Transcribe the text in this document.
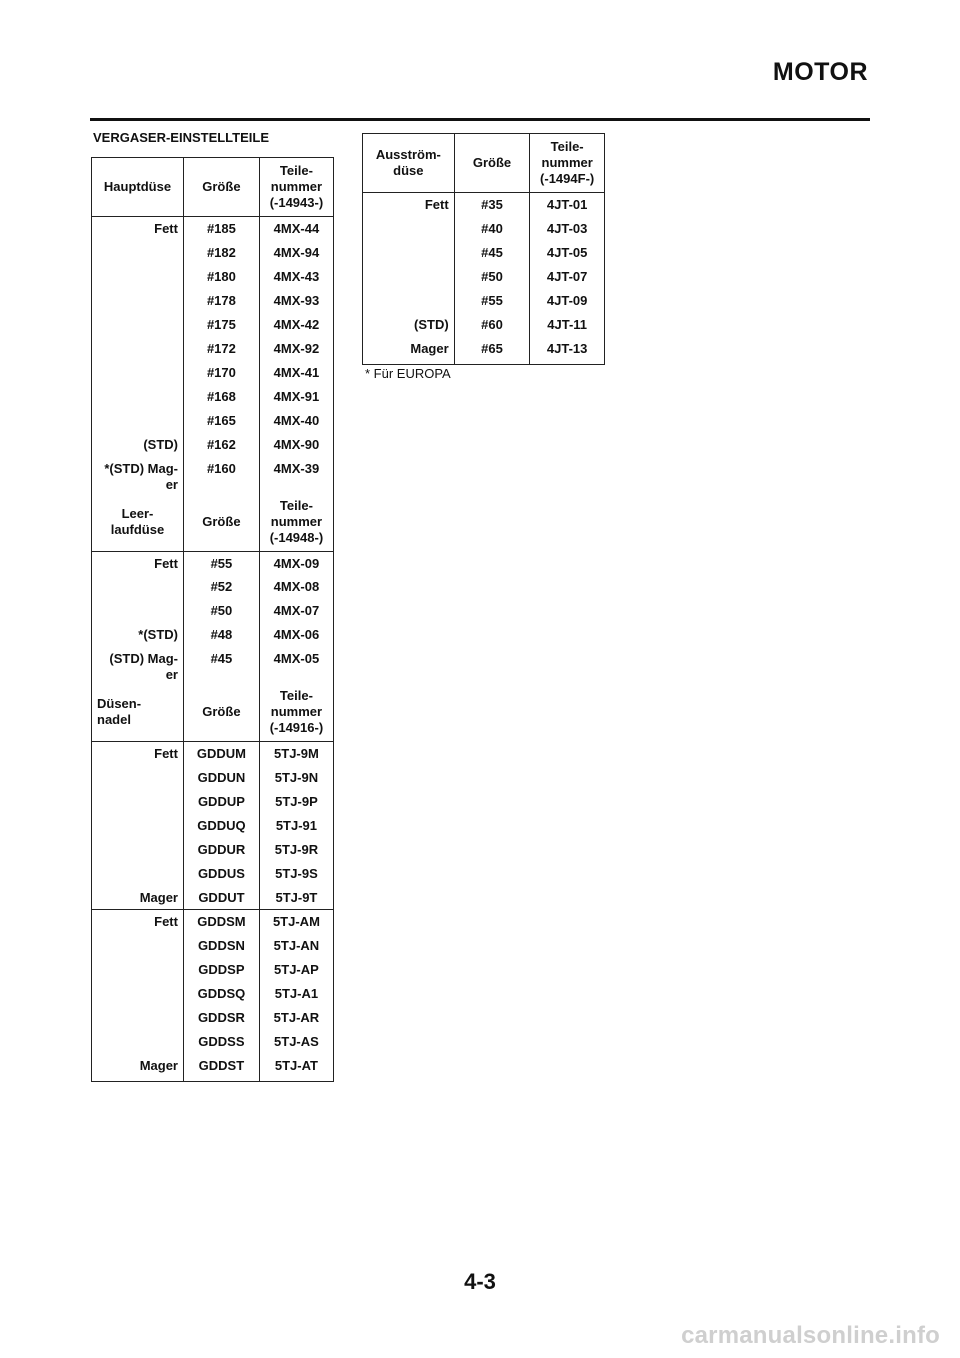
MOTOR
VERGASER-EINSTELLTEILE
Hauptdüse	Größe	Teile-
nummer
(-14943-)
Fett	#185	4MX-44
	#182	4MX-94
	#180	4MX-43
	#178	4MX-93
	#175	4MX-42
	#172	4MX-92
	#170	4MX-41
	#168	4MX-91
	#165	4MX-40
(STD)	#162	4MX-90
*(STD) Mag-
er	#160	4MX-39
Leer-
laufdüse	Größe	Teile-
nummer
(-14948-)
Fett	#55	4MX-09
	#52	4MX-08
	#50	4MX-07
*(STD)	#48	4MX-06
(STD) Mag-
er	#45	4MX-05
Düsen-
nadel	Größe	Teile-
nummer
(-14916-)
Fett	GDDUM	5TJ-9M
	GDDUN	5TJ-9N
	GDDUP	5TJ-9P
	GDDUQ	5TJ-91
	GDDUR	5TJ-9R
	GDDUS	5TJ-9S
Mager	GDDUT	5TJ-9T
Fett	GDDSM	5TJ-AM
	GDDSN	5TJ-AN
	GDDSP	5TJ-AP
	GDDSQ	5TJ-A1
	GDDSR	5TJ-AR
	GDDSS	5TJ-AS
Mager	GDDST	5TJ-AT
Ausström-
düse	Größe	Teile-
nummer
(-1494F-)
Fett	#35	4JT-01
	#40	4JT-03
	#45	4JT-05
	#50	4JT-07
	#55	4JT-09
(STD)	#60	4JT-11
Mager	#65	4JT-13
* Für EUROPA
4-3
carmanualsonline.info
